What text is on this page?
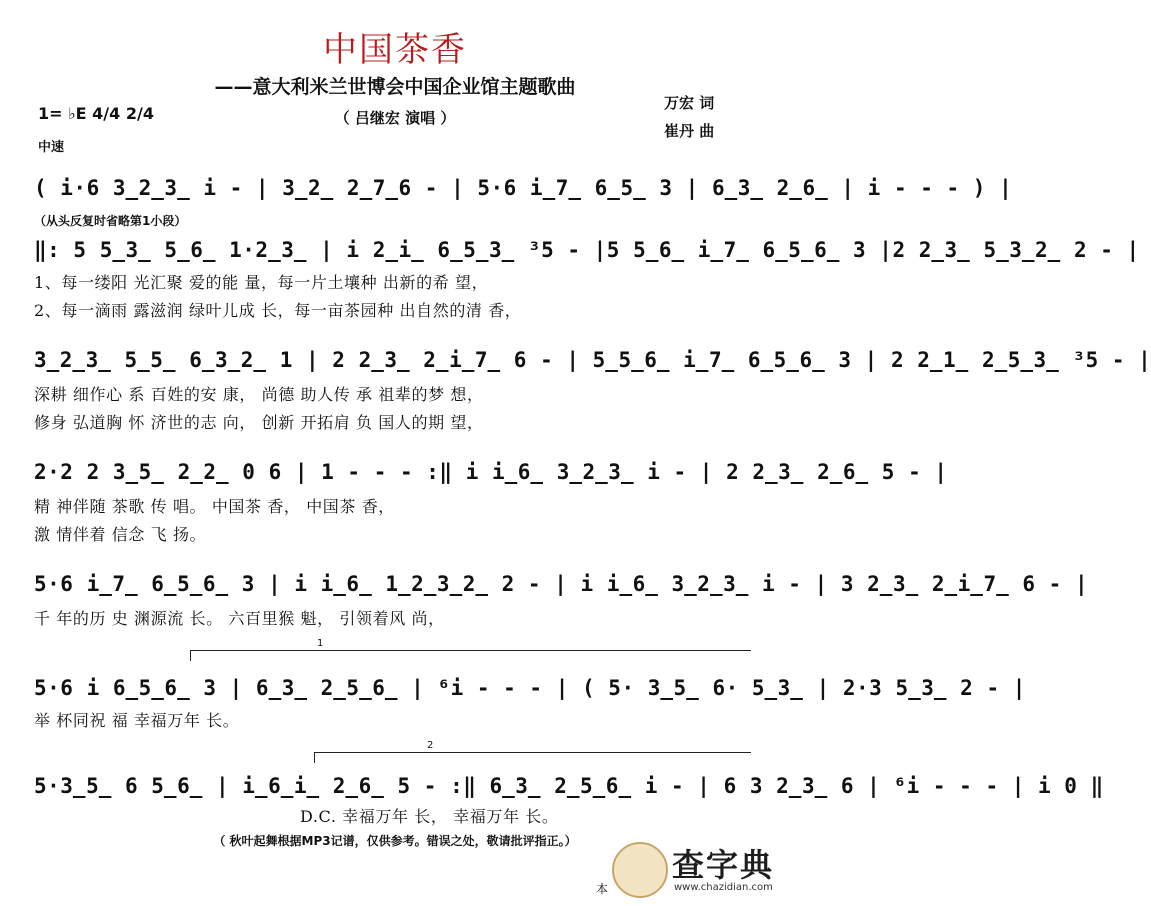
中国茶香
——意大利米兰世博会中国企业馆主题歌曲
（ 吕继宏 演唱 ）
万宏 词
崔丹 曲
1= ♭E 4/4 2/4
中速
( i·6 3̲2̲3̲ i - | 3̲2̲ 2̲7̲6 - | 5·6 i̲7̲ 6̲5̲ 3 | 6̲3̲ 2̲6̲ | i - - - ) |
（从头反复时省略第1小段）
‖: 5 5̲3̲ 5̲6̲ 1·2̲3̲ | i 2̲i̲ 6̲5̲3̲ ³5 - |5 5̲6̲ i̲7̲ 6̲5̲6̲ 3 |2 2̲3̲ 5̲3̲2̲ 2 - |
1、每一缕阳 光汇聚 爱的能 量，每一片土壤种 出新的希 望，
2、每一滴雨 露滋润 绿叶儿成 长，每一亩茶园种 出自然的清 香，
3̲2̲3̲ 5̲5̲ 6̲3̲2̲ 1 | 2 2̲3̲ 2̲i̲7̲ 6 - | 5̲5̲6̲ i̲7̲ 6̲5̲6̲ 3 | 2 2̲1̲ 2̲5̲3̲ ³5 - |
深耕 细作心 系 百姓的安 康， 尚德 助人传 承 祖辈的梦 想，
修身 弘道胸 怀 济世的志 向， 创新 开拓肩 负 国人的期 望，
2·2 2 3̲5̲ 2̲2̲ 0 6 | 1 - - - :‖ i i̲6̲ 3̲2̲3̲ i - | 2 2̲3̲ 2̲6̲ 5 - |
精 神伴随 茶歌 传 唱。 中国茶 香， 中国茶 香，
激 情伴着 信念 飞 扬。
5·6 i̲7̲ 6̲5̲6̲ 3 | i i̲6̲ 1̲2̲3̲2̲ 2 - | i i̲6̲ 3̲2̲3̲ i - | 3 2̲3̲ 2̲i̲7̲ 6 - |
千 年的历 史 渊源流 长。 六百里猴 魁， 引领着风 尚，
1
5·6 i 6̲5̲6̲ 3 | 6̲3̲ 2̲5̲6̲ | ⁶i - - - | ( 5· 3̲5̲ 6· 5̲3̲ | 2·3 5̲3̲ 2 - |
举 杯同祝 福 幸福万年 长。
2
5·3̲5̲ 6 5̲6̲ | i̲6̲i̲ 2̲6̲ 5 - :‖ 6̲3̲ 2̲5̲6̲ i - | 6 3 2̲3̲ 6 | ⁶i - - - | i 0 ‖
D.C. 幸福万年 长， 幸福万年 长。
（ 秋叶起舞根据MP3记谱，仅供参考。错误之处，敬请批评指正。）
查字典
www.chazidian.com
本
